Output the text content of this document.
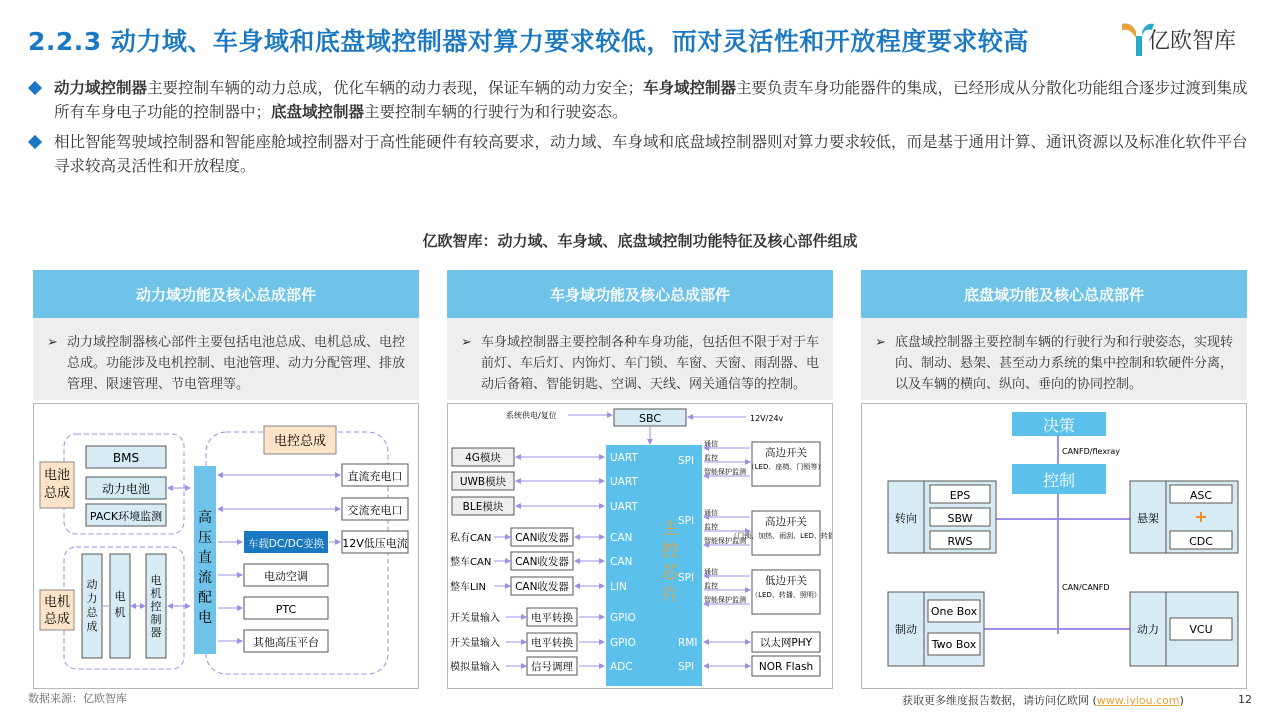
2.2.3 动力域、车身域和底盘域控制器对算力要求较低，而对灵活性和开放程度要求较高	亿欧智库
动力域控制器主要控制车辆的动力总成，优化车辆的动力表现，保证车辆的动力安全；车身域控制器主要负责车身功能器件的集成，已经形成从分散化功能组合逐步过渡到集成所有车身电子功能的控制器中；底盘域控制器主要控制车辆的行驶行为和行驶姿态。
相比智能驾驶域控制器和智能座舱域控制器对于高性能硬件有较高要求，动力域、车身域和底盘域控制器则对算力要求较低，而是基于通用计算、通讯资源以及标准化软件平台寻求较高灵活性和开放程度。
亿欧智库：动力域、车身域、底盘域控制功能特征及核心部件组成
动力域功能及核心总成部件	车身域功能及核心总成部件	底盘域功能及核心总成部件
➢ 动力域控制器核心部件主要包括电池总成、电机总成、电控总成。功能涉及电机控制、电池管理、动力分配管理、排放管理、限速管理、节电管理等。
➢ 车身域控制器主要控制各种车身功能，包括但不限于对于车前灯、车后灯、内饰灯、车门锁、车窗、天窗、雨刮器、电动后备箱、智能钥匙、空调、天线、网关通信等的控制。
➢ 底盘域控制器主要控制车辆的行驶行为和行驶姿态，实现转向、制动、悬架、甚至动力系统的集中控制和软硬件分离，以及车辆的横向、纵向、垂向的协同控制。
电池总成
BMS
动力电池
PACK环境监测
电机总成
动力总成
电机
电机控制器
高压直流配电
电控总成
直流充电口
交流充电口
12V低压电流
车载DC/DC变换
电动空调
PTC
其他高压平台
系统供电/复位	SBC	12V/24v
主控芯片
4G模块
UWB模块
BLE模块
私有CAN CAN收发器
整车CAN CAN收发器
整车LIN	CAN收发器
开关量输入	电平转换
开关量输入	电平转换
模拟量输入	信号调理
UART
UART
UART
CAN
CAN
LIN
GPIO
GPIO
ADC
SPI
SPI
SPI
RMI
SPI
高边开关
（LED、座椅、门锁等）
通信
监控
智能保护监测
高边开关
（门锁、加热、雨刮、LED、转播）
通信
监控
智能保护监测
低边开关
（LED、转播、照明）
通信
监控
智能保护监测
以太网PHY
NOR Flash
决策
CANFD/flexray
控制
转向
EPS
SBW
RWS
悬架
ASC
+
CDC
CAN/CANFD
制动
One Box
Two Box
动力	VCU
数据来源：亿欧智库	获取更多维度报告数据，请访问亿欧网 (www.iyiou.com)	12
